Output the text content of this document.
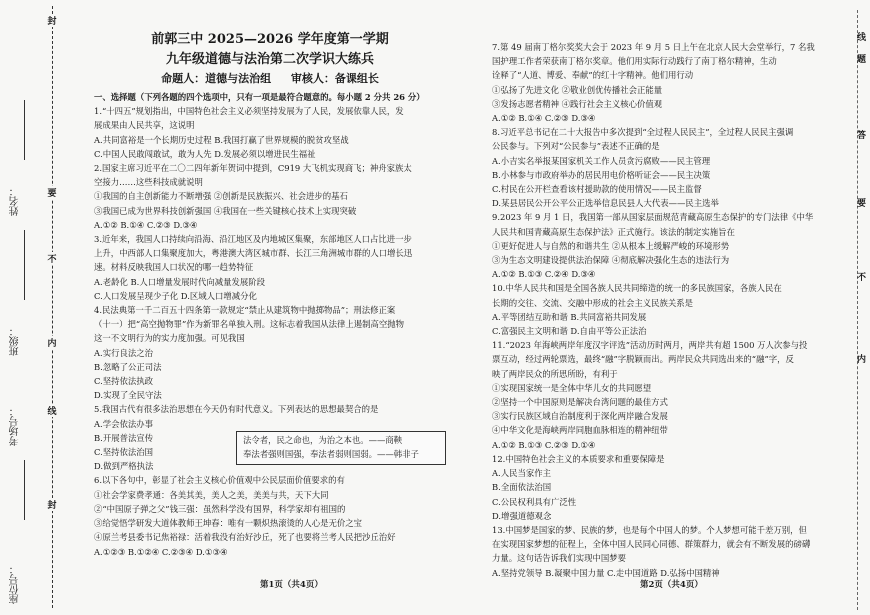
封
要
不
内
线
封
姓名：
班级：
考场号：
座位号：
线
题
答
要
不
内
前郭三中 2025—2026 学年度第一学期
九年级道德与法治第二次学识大练兵
命题人：道德与法治组 审核人：备课组长
一、选择题（下列各题的四个选项中，只有一项是最符合题意的。每小题 2 分共 26 分）
1.“十四五”规划指出，中国特色社会主义必须坚持发展为了人民，发展依靠人民，发
展成果由人民共享，这说明
A.共同富裕是一个长期历史过程 B.我国打赢了世界规模的脱贫攻坚战
C.中国人民敢闯敢试，敢为人先 D.发展必须以增进民生福祉
2.国家主席习近平在二〇二四年新年贺词中提到，C919 大飞机实现商飞；神舟家族太
空接力……这些科技成就说明
①我国的自主创新能力不断增强 ②创新是民族振兴、社会进步的基石
③我国已成为世界科技创新强国 ④我国在一些关键核心技术上实现突破
A.①② B.①④ C.②③ D.③④
3.近年来，我国人口持续向沿海、沿江地区及内地城区集聚，东部地区人口占比进一步
上升，中西部人口集聚度加大，粤港澳大湾区城市群、长江三角洲城市群的人口增长迅
速。材料反映我国人口状况的哪一趋势特征
A.老龄化 B.人口增量发展时代向减量发展阶段
C.人口发展呈现少子化 D.区域人口增减分化
4.民法典第一千二百五十四条第一款规定“禁止从建筑物中抛掷物品”；刑法修正案
（十一）把“高空抛物罪”作为新罪名单独入刑。这标志着我国从法律上遏制高空抛物
这一不文明行为的实力度加强。可见我国
A.实行良法之治
B.忽略了公正司法
C.坚持依法执政
D.实现了全民守法
5.我国古代有很多法治思想在今天仍有时代意义。下列表达的思想最契合的是
A.学会依法办事
B.开展普法宣传
C.坚持依法治国
D.做到严格执法
6.以下各句中，彰显了社会主义核心价值观中公民层面价值要求的有
①社会学家费孝通：各美其美，美人之美，美美与共，天下大同
②“中国原子弹之父”钱三强：虽然科学没有国界，科学家却有祖国的
③给觉悟学研发大道体教师王坤春：唯有一颗炽热滚烫的人心是无价之宝
④原兰考县委书记焦裕禄：活着我没有治好沙丘，死了也要将兰考人民把沙丘治好
A.①②③ B.①②④ C.②③④ D.①③④
法令者，民之命也，为治之本也。——商鞅
奉法者强则国强，奉法者弱则国弱。——韩非子
7.第 49 届南丁格尔奖奖大会于 2023 年 9 月 5 日上午在北京人民大会堂举行，7 名我
国护理工作者荣获南丁格尔奖章。他们用实际行动践行了南丁格尔精神，生动
诠释了“人道、博爱、奉献”的红十字精神。他们用行动
①弘扬了先进文化 ②敬业创优传播社会正能量
③发扬志愿者精神 ④践行社会主义核心价值观
A.①② B.①④ C.②③ D.③④
8.习近平总书记在二十大报告中多次提到“全过程人民民主”，全过程人民民主强调
公民参与。下列对“公民参与”表述不正确的是
A.小吉实名举报某国家机关工作人员贪污腐败——民主管理
B.小林参与市政府举办的居民用电价格听证会——民主决策
C.村民在公开栏查看该村援助款的使用情况——民主监督
D.某县居民公开公平公正选举信息民县人大代表——民主选举
9.2023 年 9 月 1 日，我国第一部从国家层面规范青藏高原生态保护的专门法律《中华
人民共和国青藏高原生态保护法》正式施行。该法的制定实施旨在
①更好促进人与自然的和谐共生 ②从根本上缓解严峻的环境形势
③为生态文明建设提供法治保障 ④彻底解决强化生态的违法行为
A.①② B.①③ C.②④ D.③④
10.中华人民共和国是全国各族人民共同缔造的统一的多民族国家，各族人民在
长期的交往、交流、交融中形成的社会主义民族关系是
A.平等团结互助和谐 B.共同富裕共同发展
C.富强民主文明和谐 D.自由平等公正法治
11.“2023 年海峡两岸年度汉字评选”活动历时两月，两岸共有超 1500 万人次参与投
票互动，经过两轮票选，最终“融”字脱颖而出。两岸民众共同选出来的“融”字，反
映了两岸民众的所思所盼，有利于
①实现国家统一是全体中华儿女的共同愿望
②坚持一个中国原则是解决台湾问题的最佳方式
③实行民族区域自治制度利于深化两岸融合发展
④中华文化是海峡两岸同胞血脉相连的精神纽带
A.①② B.①③ C.②③ D.①④
12.中国特色社会主义的本质要求和重要保障是
A.人民当家作主
B.全面依法治国
C.公民权利具有广泛性
D.增强道德观念
13.中国梦是国家的梦、民族的梦，也是每个中国人的梦。个人梦想可能千差万别，但
在实现国家梦想的征程上，全体中国人民同心同德、群策群力，就会有不断发展的磅礴
力量。这句话告诉我们实现中国梦要
A.坚持党领导 B.凝聚中国力量 C.走中国道路 D.弘扬中国精神
第1页（共4页）	第2页（共4页）
